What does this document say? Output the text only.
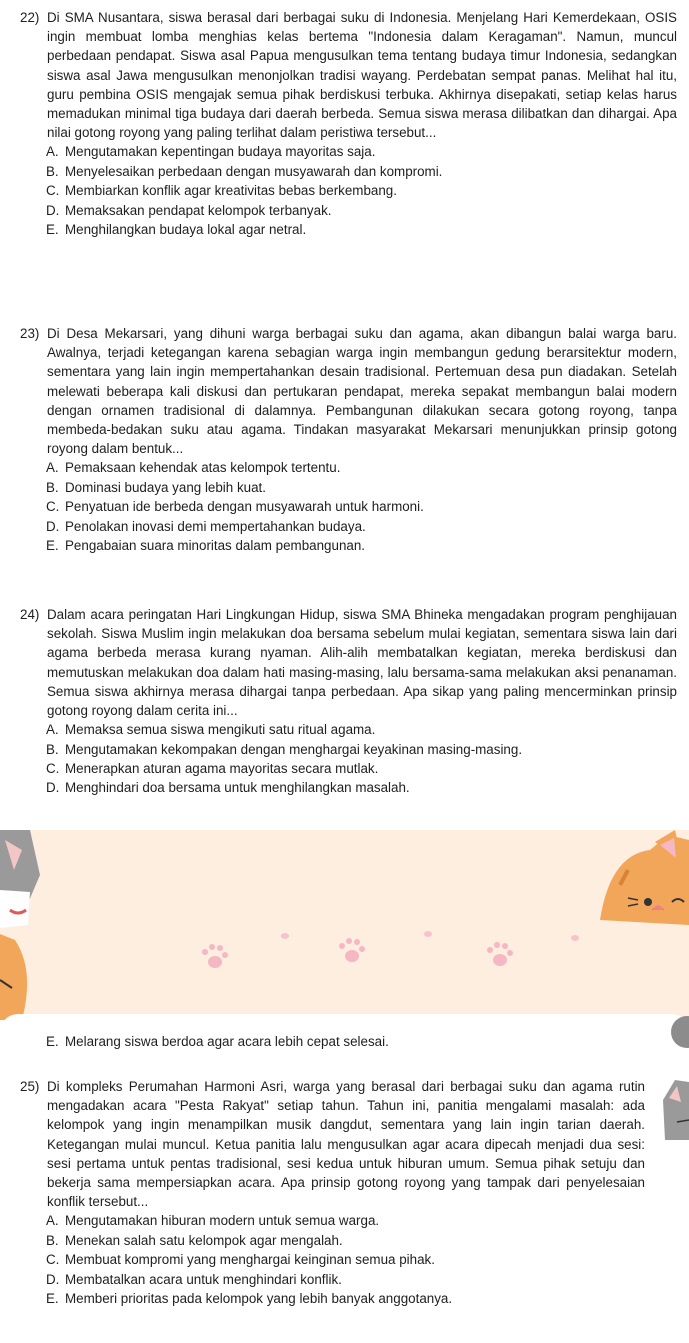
22) Di SMA Nusantara, siswa berasal dari berbagai suku di Indonesia. Menjelang Hari Kemerdekaan, OSIS ingin membuat lomba menghias kelas bertema "Indonesia dalam Keragaman". Namun, muncul perbedaan pendapat. Siswa asal Papua mengusulkan tema tentang budaya timur Indonesia, sedangkan siswa asal Jawa mengusulkan menonjolkan tradisi wayang. Perdebatan sempat panas. Melihat hal itu, guru pembina OSIS mengajak semua pihak berdiskusi terbuka. Akhirnya disepakati, setiap kelas harus memadukan minimal tiga budaya dari daerah berbeda. Semua siswa merasa dilibatkan dan dihargai. Apa nilai gotong royong yang paling terlihat dalam peristiwa tersebut...
A. Mengutamakan kepentingan budaya mayoritas saja.
B. Menyelesaikan perbedaan dengan musyawarah dan kompromi.
C. Membiarkan konflik agar kreativitas bebas berkembang.
D. Memaksakan pendapat kelompok terbanyak.
E. Menghilangkan budaya lokal agar netral.
23) Di Desa Mekarsari, yang dihuni warga berbagai suku dan agama, akan dibangun balai warga baru. Awalnya, terjadi ketegangan karena sebagian warga ingin membangun gedung berarsitektur modern, sementara yang lain ingin mempertahankan desain tradisional. Pertemuan desa pun diadakan. Setelah melewati beberapa kali diskusi dan pertukaran pendapat, mereka sepakat membangun balai modern dengan ornamen tradisional di dalamnya. Pembangunan dilakukan secara gotong royong, tanpa membeda-bedakan suku atau agama. Tindakan masyarakat Mekarsari menunjukkan prinsip gotong royong dalam bentuk...
A. Pemaksaan kehendak atas kelompok tertentu.
B. Dominasi budaya yang lebih kuat.
C. Penyatuan ide berbeda dengan musyawarah untuk harmoni.
D. Penolakan inovasi demi mempertahankan budaya.
E. Pengabaian suara minoritas dalam pembangunan.
24) Dalam acara peringatan Hari Lingkungan Hidup, siswa SMA Bhineka mengadakan program penghijauan sekolah. Siswa Muslim ingin melakukan doa bersama sebelum mulai kegiatan, sementara siswa lain dari agama berbeda merasa kurang nyaman. Alih-alih membatalkan kegiatan, mereka berdiskusi dan memutuskan melakukan doa dalam hati masing-masing, lalu bersama-sama melakukan aksi penanaman. Semua siswa akhirnya merasa dihargai tanpa perbedaan. Apa sikap yang paling mencerminkan prinsip gotong royong dalam cerita ini...
A. Memaksa semua siswa mengikuti satu ritual agama.
B. Mengutamakan kekompakan dengan menghargai keyakinan masing-masing.
C. Menerapkan aturan agama mayoritas secara mutlak.
D. Menghindari doa bersama untuk menghilangkan masalah.
E. Melarang siswa berdoa agar acara lebih cepat selesai.
25) Di kompleks Perumahan Harmoni Asri, warga yang berasal dari berbagai suku dan agama rutin mengadakan acara "Pesta Rakyat" setiap tahun. Tahun ini, panitia mengalami masalah: ada kelompok yang ingin menampilkan musik dangdut, sementara yang lain ingin tarian daerah. Ketegangan mulai muncul. Ketua panitia lalu mengusulkan agar acara dipecah menjadi dua sesi: sesi pertama untuk pentas tradisional, sesi kedua untuk hiburan umum. Semua pihak setuju dan bekerja sama mempersiapkan acara. Apa prinsip gotong royong yang tampak dari penyelesaian konflik tersebut...
A. Mengutamakan hiburan modern untuk semua warga.
B. Menekan salah satu kelompok agar mengalah.
C. Membuat kompromi yang menghargai keinginan semua pihak.
D. Membatalkan acara untuk menghindari konflik.
E. Memberi prioritas pada kelompok yang lebih banyak anggotanya.
